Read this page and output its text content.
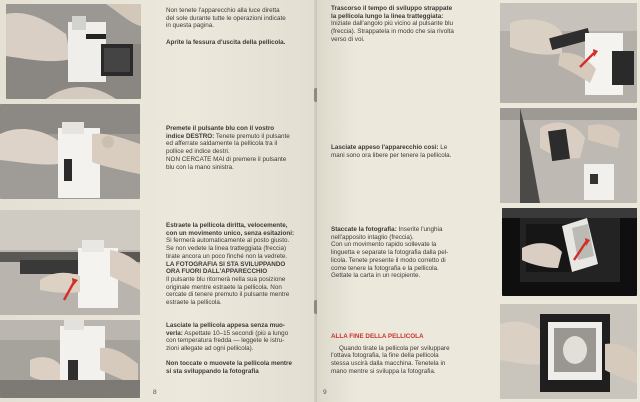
Non tenete l'apparecchio alla luce diretta

del sole durante tutte le operazioni indicate

in questa pagina.

Aprite la fessura d'uscita della pellicola.

Premete il pulsante blu con il vostro

indice DESTRO: Tenete premuto il pulsante

ed afferrate saldamente la pellicola tra il

pollice ed indice destri.

NON CERCATE MAI di premere il pulsante

blu con la mano sinistra.

Estraete la pellicola diritta, velocemente,

con un movimento unico, senza esitazioni:

Si fermerà automaticamente al posto giusto.

Se non vedete la linea tratteggiata (freccia)

tirate ancora un poco finché non la vedrete.

LA FOTOGRAFIA SI STA SVILUPPANDO

ORA FUORI DALL'APPARECCHIO

Il pulsante blu ritornerà nella sua posizione

originale mentre estraete la pellicola. Non

cercate di tenere premuto il pulsante mentre

estraete la pellicola.

Lasciate la pellicola appesa senza muo-

verla: Aspettate 10–15 secondi (più a lungo

con temperatura fredda — leggete le istru-

zioni allegate ad ogni pellicola).

Non toccate o muovete la pellicola mentre

si sta sviluppando la fotografia

8

Trascorso il tempo di sviluppo strappate

la pellicola lungo la linea tratteggiata:

Iniziate dall'angolo più vicino al pulsante blu

(freccia). Strappatela in modo che sia rivolta

verso di voi.

Lasciate appeso l'apparecchio così: Le

mani sono ora libere per tenere la pellicola.

Staccate la fotografia: Inserite l'unghia

nell'apposito intaglio (freccia).

Con un movimento rapido sollevate la

linguetta e separate la fotografia dalla pel-

licola. Tenete presente il modo corretto di

come tenere la fotografia e la pellicola.

Gettate la carta in un recipiente.

ALLA FINE DELLA PELLICOLA

Quando tirate la pellicola per sviluppare

l'ottava fotografia, la fine della pellicola

stessa uscirà dalla macchina. Tenetela in

mano mentre si sviluppa la fotografia.

9
